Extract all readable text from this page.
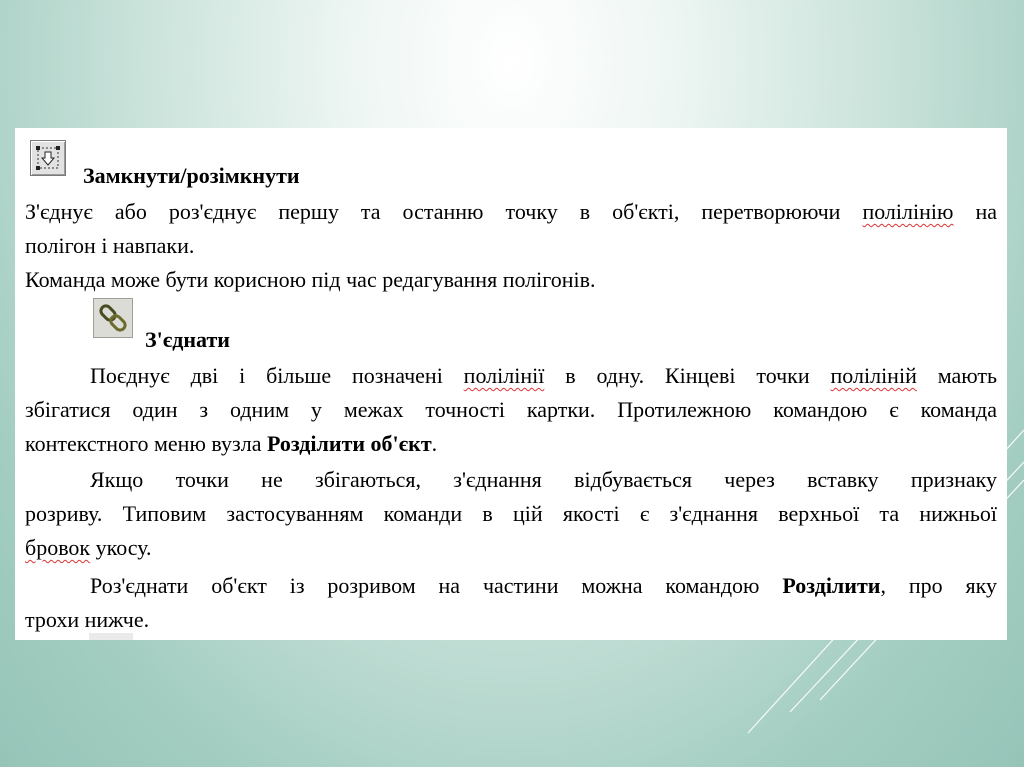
Замкнути/розімкнути
З'єднує або роз'єднує першу та останню точку в об'єкті, перетворюючи полілінію на
полігон і навпаки.
Команда може бути корисною під час редагування полігонів.
З'єднати
Поєднує дві і більше позначені полілінії в одну. Кінцеві точки поліліній мають
збігатися один з одним у межах точності картки. Протилежною командою є команда
контекстного меню вузла Розділити об'єкт.
Якщо точки не збігаються, з'єднання відбувається через вставку признаку
розриву. Типовим застосуванням команди в цій якості є з'єднання верхньої та нижньої
бровок укосу.
Роз'єднати об'єкт із розривом на частини можна командою Розділити, про яку
трохи нижче.
